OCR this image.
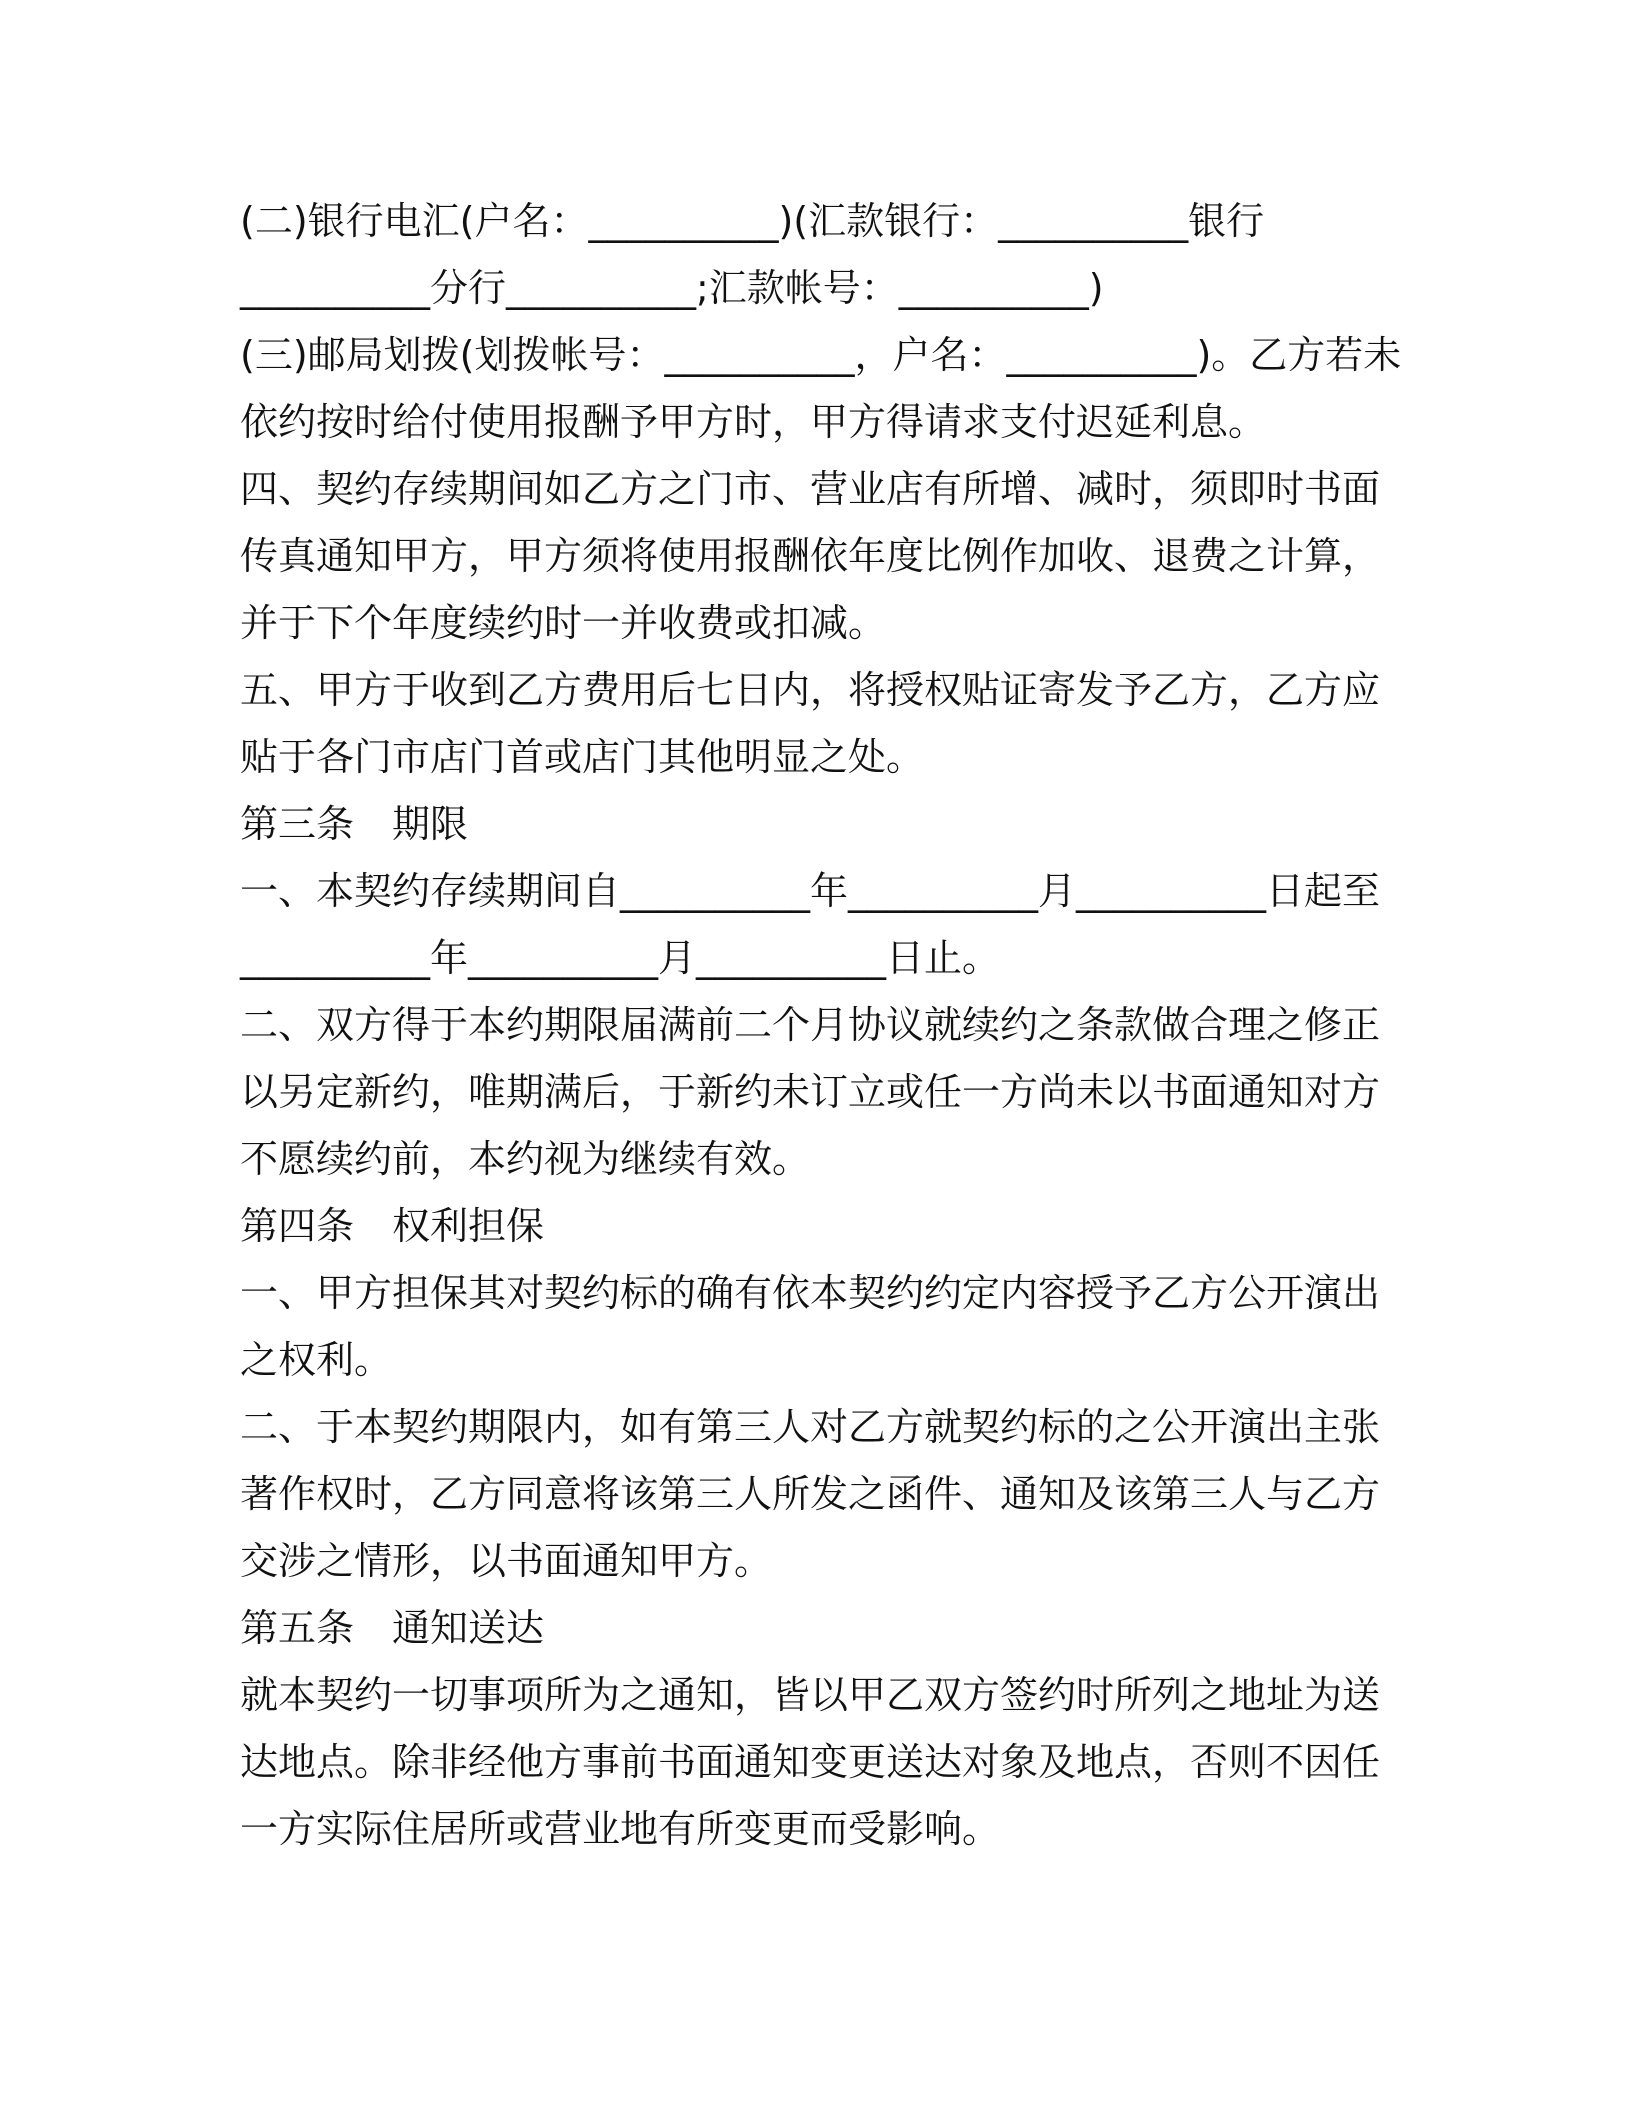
(二)银行电汇(户名：__________)(汇款银行：__________银行
__________分行__________;汇款帐号：__________)
(三)邮局划拨(划拨帐号：__________，户名：__________)。乙方若未
依约按时给付使用报酬予甲方时，甲方得请求支付迟延利息。
四、契约存续期间如乙方之门市、营业店有所增、减时，须即时书面
传真通知甲方，甲方须将使用报酬依年度比例作加收、退费之计算，
并于下个年度续约时一并收费或扣减。
五、甲方于收到乙方费用后七日内，将授权贴证寄发予乙方，乙方应
贴于各门市店门首或店门其他明显之处。
第三条　期限
一、本契约存续期间自__________年__________月__________日起至
__________年__________月__________日止。
二、双方得于本约期限届满前二个月协议就续约之条款做合理之修正
以另定新约，唯期满后，于新约未订立或任一方尚未以书面通知对方
不愿续约前，本约视为继续有效。
第四条　权利担保
一、甲方担保其对契约标的确有依本契约约定内容授予乙方公开演出
之权利。
二、于本契约期限内，如有第三人对乙方就契约标的之公开演出主张
著作权时，乙方同意将该第三人所发之函件、通知及该第三人与乙方
交涉之情形，以书面通知甲方。
第五条　通知送达
就本契约一切事项所为之通知，皆以甲乙双方签约时所列之地址为送
达地点。除非经他方事前书面通知变更送达对象及地点，否则不因任
一方实际住居所或营业地有所变更而受影响。
